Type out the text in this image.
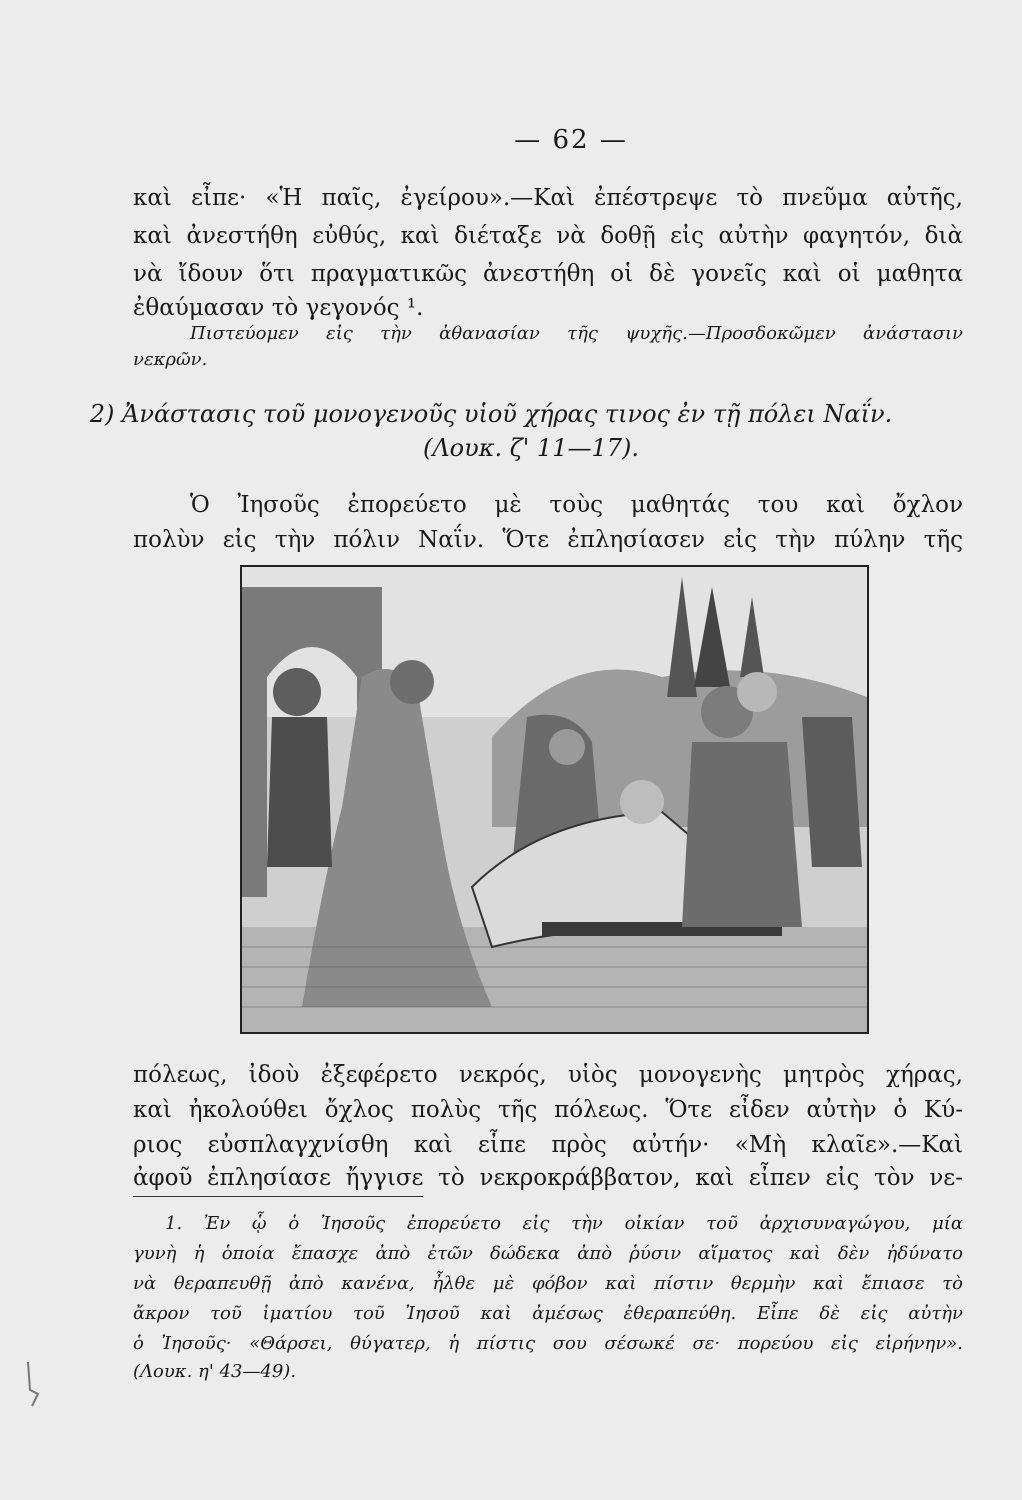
— 62 —
καὶ εἶπε· «Ἡ παῖς, ἐγείρου».—Καὶ ἐπέστρεψε τὸ πνεῦμα αὐτῆς,
καὶ ἀνεστήθη εὐθύς, καὶ διέταξε νὰ δοθῇ εἰς αὐτὴν φαγητόν, διὰ
νὰ ἴδουν ὅτι πραγματικῶς ἀνεστήθη οἱ δὲ γονεῖς καὶ οἱ μαθητα
ἐθαύμασαν τὸ γεγονός ¹.
Πιστεύομεν εἰς τὴν ἀθανασίαν τῆς ψυχῆς.—Προσδοκῶμεν ἀνάστασιν
νεκρῶν.
2) Ἀνάστασις τοῦ μονογενοῦς υἱοῦ χήρας τινος ἐν τῇ πόλει Ναΐν.
(Λουκ. ζ' 11—17).
Ὁ Ἰησοῦς ἐπορεύετο μὲ τοὺς μαθητάς του καὶ ὄχλον
πολὺν εἰς τὴν πόλιν Ναΐν. Ὅτε ἐπλησίασεν εἰς τὴν πύλην τῆς
πόλεως, ἰδοὺ ἐξεφέρετο νεκρός, υἱὸς μονογενὴς μητρὸς χήρας,
καὶ ἠκολούθει ὄχλος πολὺς τῆς πόλεως. Ὅτε εἶδεν αὐτὴν ὁ Κύ-
ριος εὐσπλαγχνίσθη καὶ εἶπε πρὸς αὐτήν· «Μὴ κλαῖε».—Καὶ
ἀφοῦ ἐπλησίασε ἤγγισε τὸ νεκροκράββατον, καὶ εἶπεν εἰς τὸν νε-
1. Ἐν ᾧ ὁ Ἰησοῦς ἐπορεύετο εἰς τὴν οἰκίαν τοῦ ἀρχισυναγώγου, μία
γυνὴ ἡ ὁποία ἔπασχε ἀπὸ ἐτῶν δώδεκα ἀπὸ ῥύσιν αἵματος καὶ δὲν ἠδύνατο
νὰ θεραπευθῇ ἀπὸ κανένα, ἦλθε μὲ φόβον καὶ πίστιν θερμὴν καὶ ἔπιασε τὸ
ἄκρον τοῦ ἱματίου τοῦ Ἰησοῦ καὶ ἀμέσως ἐθεραπεύθη. Εἶπε δὲ εἰς αὐτὴν
ὁ Ἰησοῦς· «Θάρσει, θύγατερ, ἡ πίστις σου σέσωκέ σε· πορεύου εἰς εἰρήνην».
(Λουκ. η' 43—49).
